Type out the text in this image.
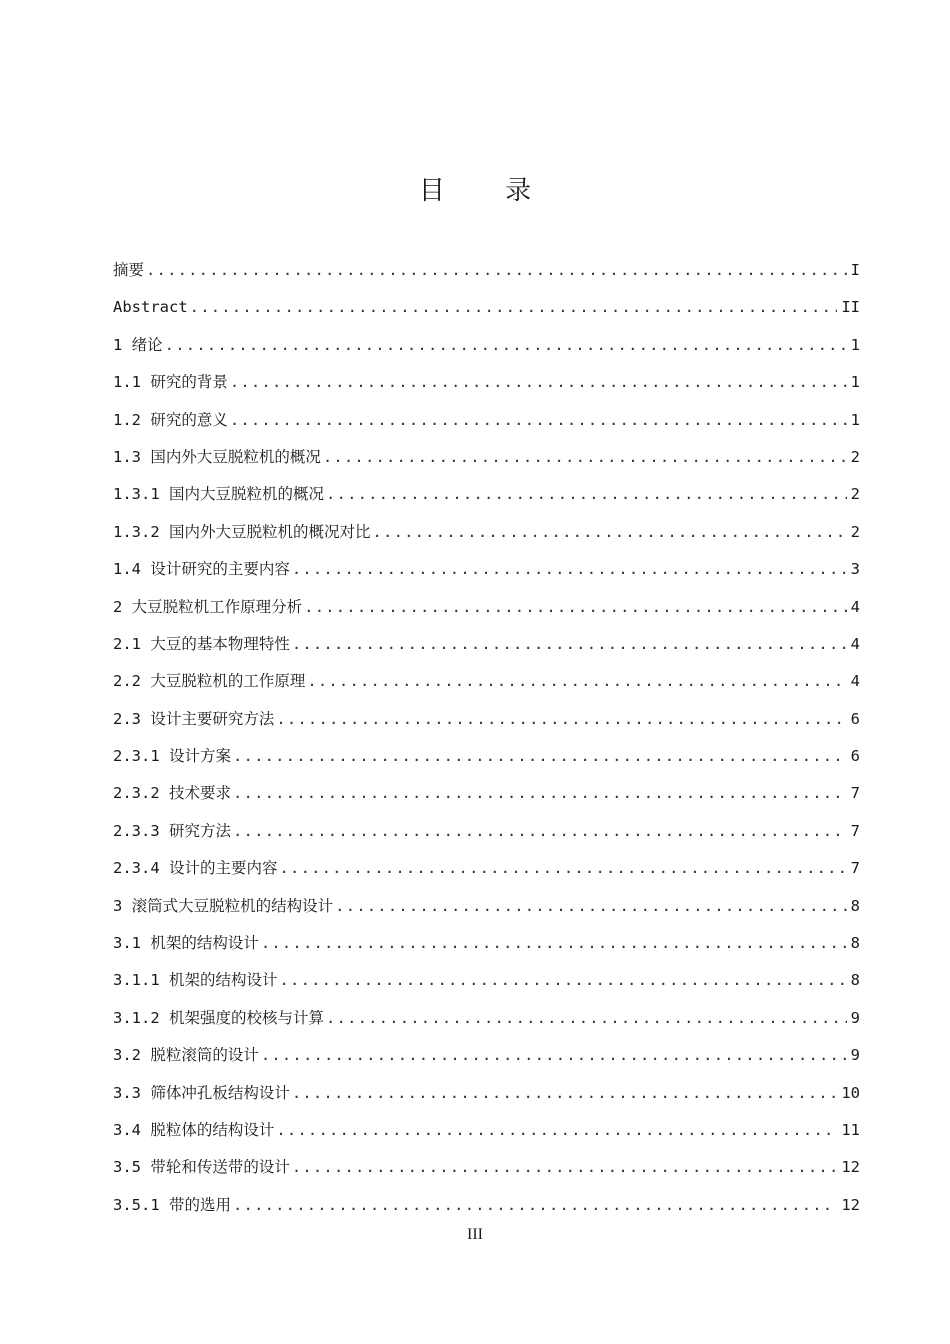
目 录
摘要 .....	I
Abstract .....	II
1 绪论 .....	1
1.1 研究的背景 .....	1
1.2 研究的意义 .....	1
1.3 国内外大豆脱粒机的概况 .....	2
1.3.1 国内大豆脱粒机的概况 .....	2
1.3.2 国内外大豆脱粒机的概况对比 .....	2
1.4 设计研究的主要内容 .....	3
2 大豆脱粒机工作原理分析 .....	4
2.1 大豆的基本物理特性 .....	4
2.2 大豆脱粒机的工作原理 .....	4
2.3 设计主要研究方法 .....	6
2.3.1 设计方案 .....	6
2.3.2 技术要求 .....	7
2.3.3 研究方法 .....	7
2.3.4 设计的主要内容 .....	7
3 滚筒式大豆脱粒机的结构设计 .....	8
3.1 机架的结构设计 .....	8
3.1.1 机架的结构设计 .....	8
3.1.2 机架强度的校核与计算 .....	9
3.2 脱粒滚筒的设计 .....	9
3.3 筛体冲孔板结构设计 .....	10
3.4 脱粒体的结构设计 .....	11
3.5 带轮和传送带的设计 .....	12
3.5.1 带的选用 .....	12
III
